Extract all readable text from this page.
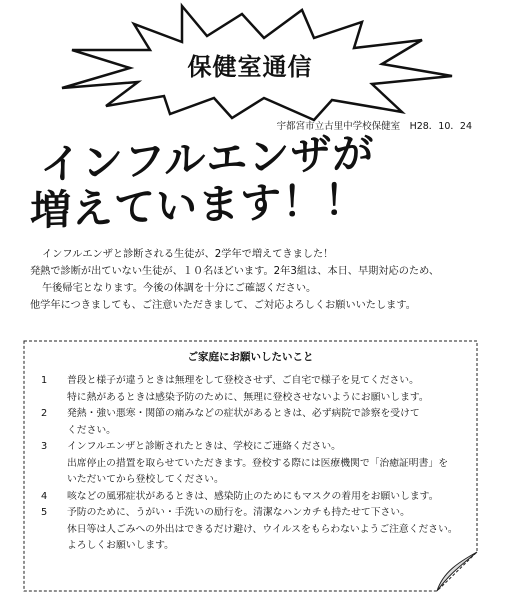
保健室通信
宇都宮市立古里中学校保健室　H28．10．24
インフルエンザが
増えています！！

インフルエンザと診断される生徒が、2学年で増えてきました！

発熱で診断が出ていない生徒が、１０名ほどいます。2年3組は、本日、早期対応のため、

午後帰宅となります。今後の体調を十分にご確認ください。

他学年につきましても、ご注意いただきまして、ご対応よろしくお願いいたします。

ご家庭にお願いしたいこと
1	普段と様子が違うときは無理をして登校させず、ご自宅で様子を見てください。
特に熱があるときは感染予防のために、無理に登校させないようにお願いします。
2	発熱・強い悪寒・関節の痛みなどの症状があるときは、必ず病院で診察を受けて
ください。
3	インフルエンザと診断されたときは、学校にご連絡ください。
出席停止の措置を取らせていただきます。登校する際には医療機関で「治癒証明書」を
いただいてから登校してください。
4	咳などの風邪症状があるときは、感染防止のためにもマスクの着用をお願いします。
5	予防のために、うがい・手洗いの励行を。清潔なハンカチも持たせて下さい。
休日等は人ごみへの外出はできるだけ避け、ウイルスをもらわないようご注意ください。
よろしくお願いします。
